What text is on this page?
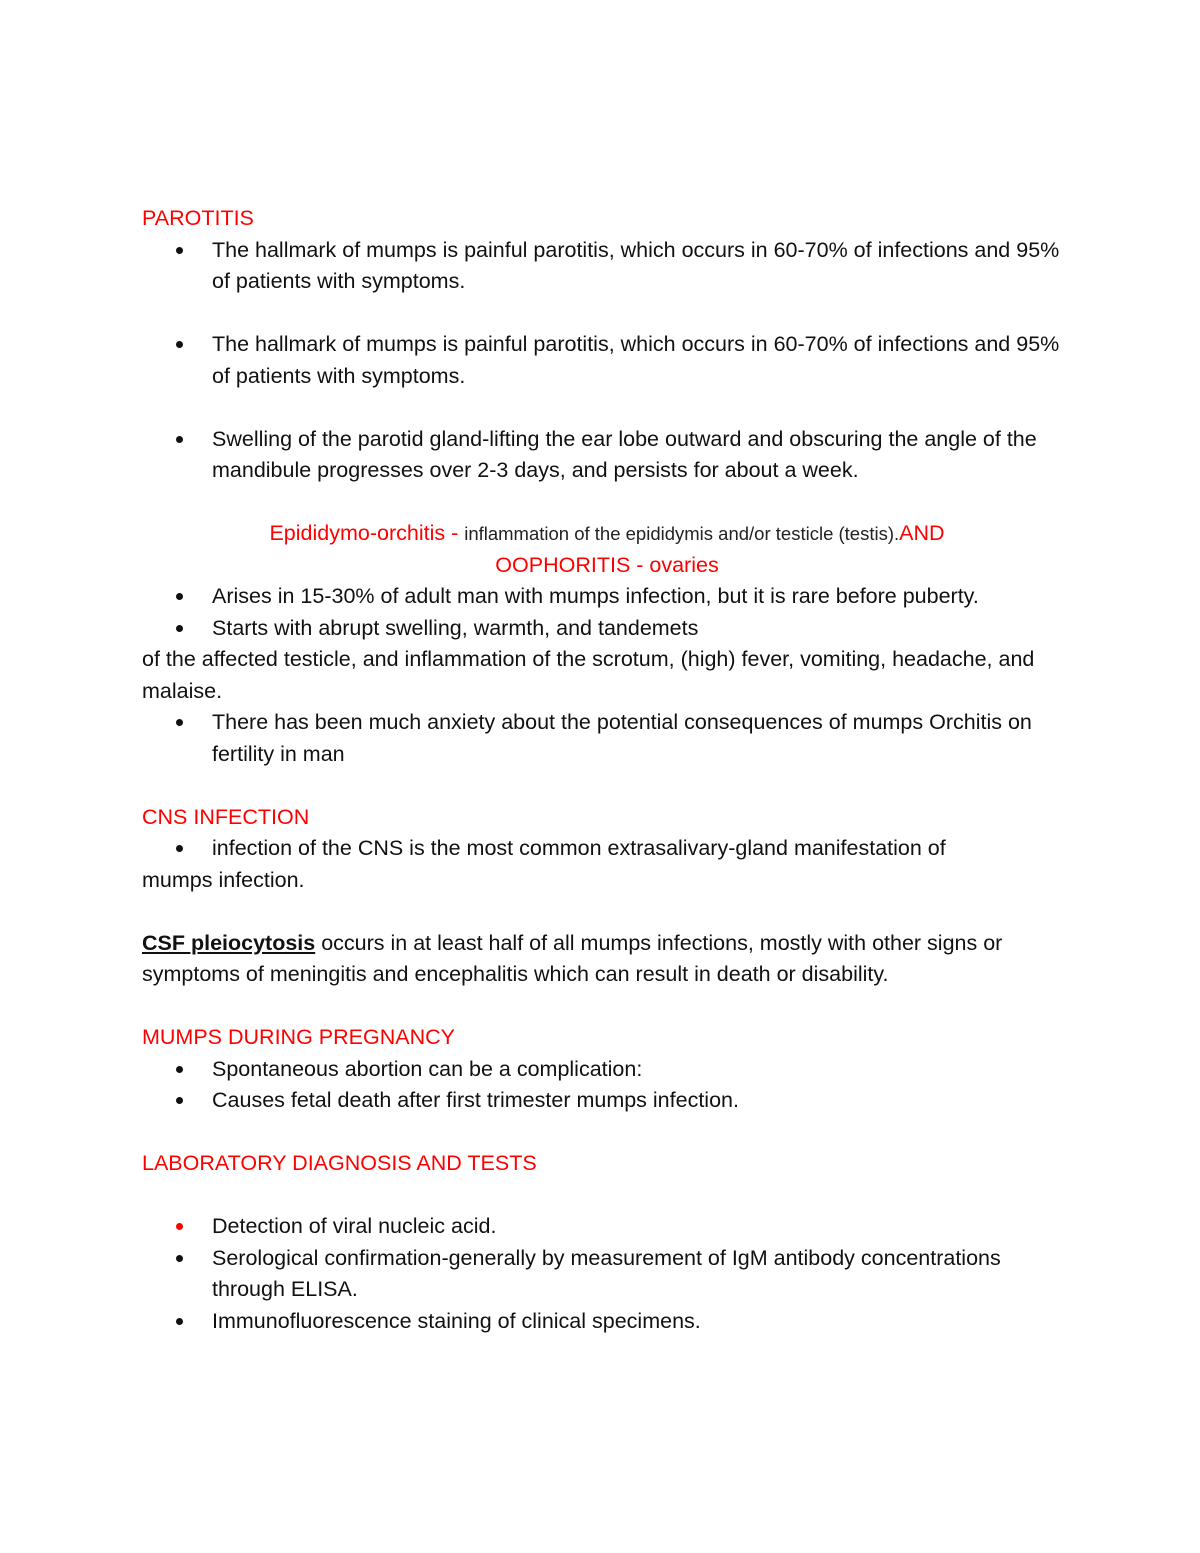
PAROTITIS

The hallmark of mumps is painful parotitis, which occurs in 60-70% of infections and 95% of patients with symptoms.
The hallmark of mumps is painful parotitis, which occurs in 60-70% of infections and 95% of patients with symptoms.
Swelling of the parotid gland-lifting the ear lobe outward and obscuring the angle of the mandibule progresses over 2-3 days, and persists for about a week.
Epididymo-orchitis - inflammation of the epididymis and/or testicle (testis).AND
OOPHORITIS - ovaries
Arises in 15-30% of adult man with mumps infection, but it is rare before puberty.
Starts with abrupt swelling, warmth, and tandemets

of the affected testicle, and inflammation of the scrotum, (high) fever, vomiting, headache, and malaise.

There has been much anxiety about the potential consequences of mumps Orchitis on fertility in man

CNS INFECTION

infection of the CNS is the most common extrasalivary-gland manifestation of

mumps infection.

CSF pleiocytosis occurs in at least half of all mumps infections, mostly with other signs or symptoms of meningitis and encephalitis which can result in death or disability.

MUMPS DURING PREGNANCY

Spontaneous abortion can be a complication:
Causes fetal death after first trimester mumps infection.

LABORATORY DIAGNOSIS AND TESTS

Detection of viral nucleic acid.
Serological confirmation-generally by measurement of IgM antibody concentrations through ELISA.
Immunofluorescence staining of clinical specimens.
